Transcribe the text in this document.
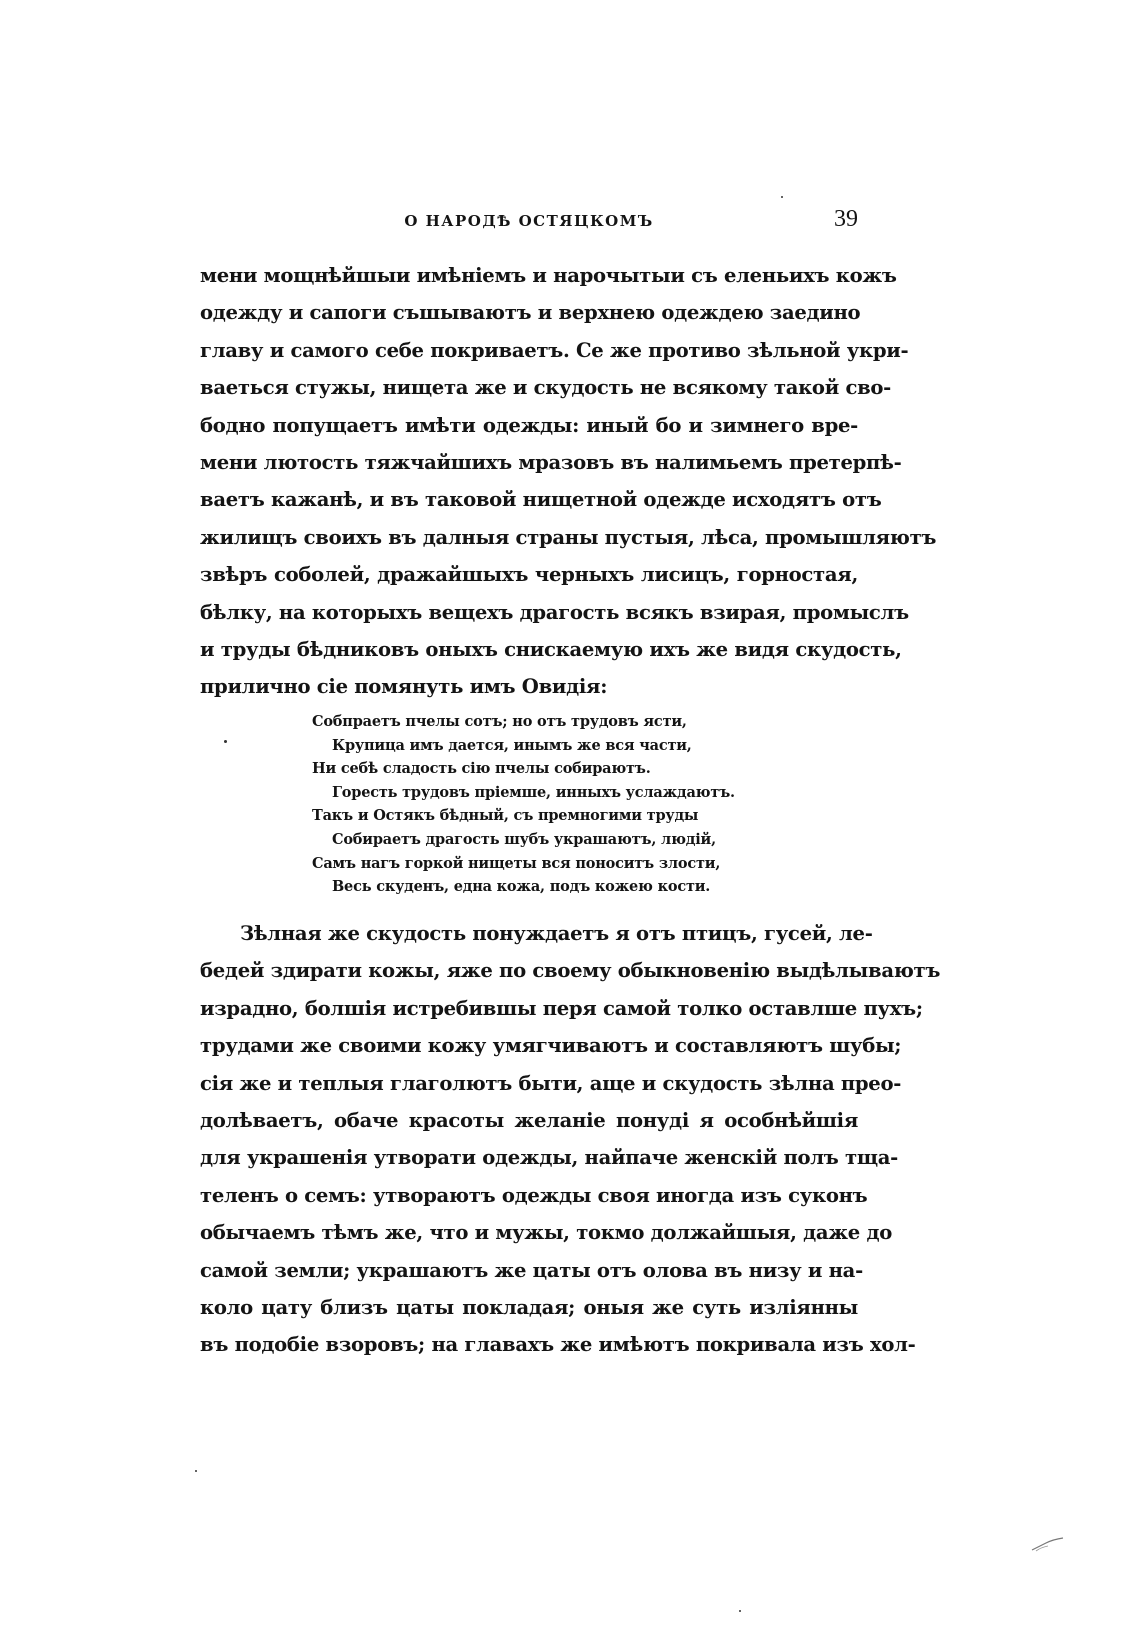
О НАРОДѢ ОСТЯЦКОМЪ	39
мени мощнѣйшыи имѣніемъ и нарочытыи съ еленьихъ кожъ
одежду и сапоги съшываютъ и верхнею одеждею заедино
главу и самого себе покриваетъ. Се же противо зѣльной укри-
ваеться стужы, нищета же и скудость не всякому такой сво-
бодно попущаетъ имѣти одежды: иный бо и зимнего вре-
мени лютость тяжчайшихъ мразовъ въ налимьемъ претерпѣ-
ваетъ кажанѣ, и въ таковой нищетной одежде исходятъ отъ
жилищъ своихъ въ далныя страны пустыя, лѣса, промышляютъ
звѣръ соболей, дражайшыхъ черныхъ лисицъ, горностая,
бѣлку, на которыхъ вещехъ драгость всякъ взирая, промыслъ
и труды бѣдниковъ оныхъ снискаемую ихъ же видя скудость,
прилично сіе помянуть имъ Овидія:
Собпраетъ пчелы сотъ; но отъ трудовъ ясти,
Крупица имъ дается, инымъ же вся части,
Ни себѣ сладость сію пчелы собираютъ.
Горесть трудовъ пріемше, инныхъ услаждаютъ.
Такъ и Остякъ бѣдный, съ премногими труды
Собираетъ драгость шубъ украшаютъ, людій,
Самъ нагъ горкой нищеты вся поноситъ злости,
Весь скуденъ, една кожа, подъ кожею кости.
Зѣлная же скудость понуждаетъ я отъ птицъ, гусей, ле-
бедей здирати кожы, яже по своему обыкновенію выдѣлываютъ
израдно, болшія истребившы перя самой толко оставлше пухъ;
трудами же своими кожу умягчиваютъ и составляютъ шубы;
сія же и теплыя глаголютъ быти, аще и скудость зѣлна прео-
долѣваетъ, обаче красоты желаніе понуді я особнѣйшія
для украшенія утворати одежды, найпаче женскій полъ тща-
теленъ о семъ: утвораютъ одежды своя иногда изъ суконъ
обычаемъ тѣмъ же, что и мужы, токмо должайшыя, даже до
самой земли; украшаютъ же цаты отъ олова въ низу и на-
коло цату близъ цаты покладая; оныя же суть изліянны
въ подобіе взоровъ; на главахъ же имѣютъ покривала изъ хол-
